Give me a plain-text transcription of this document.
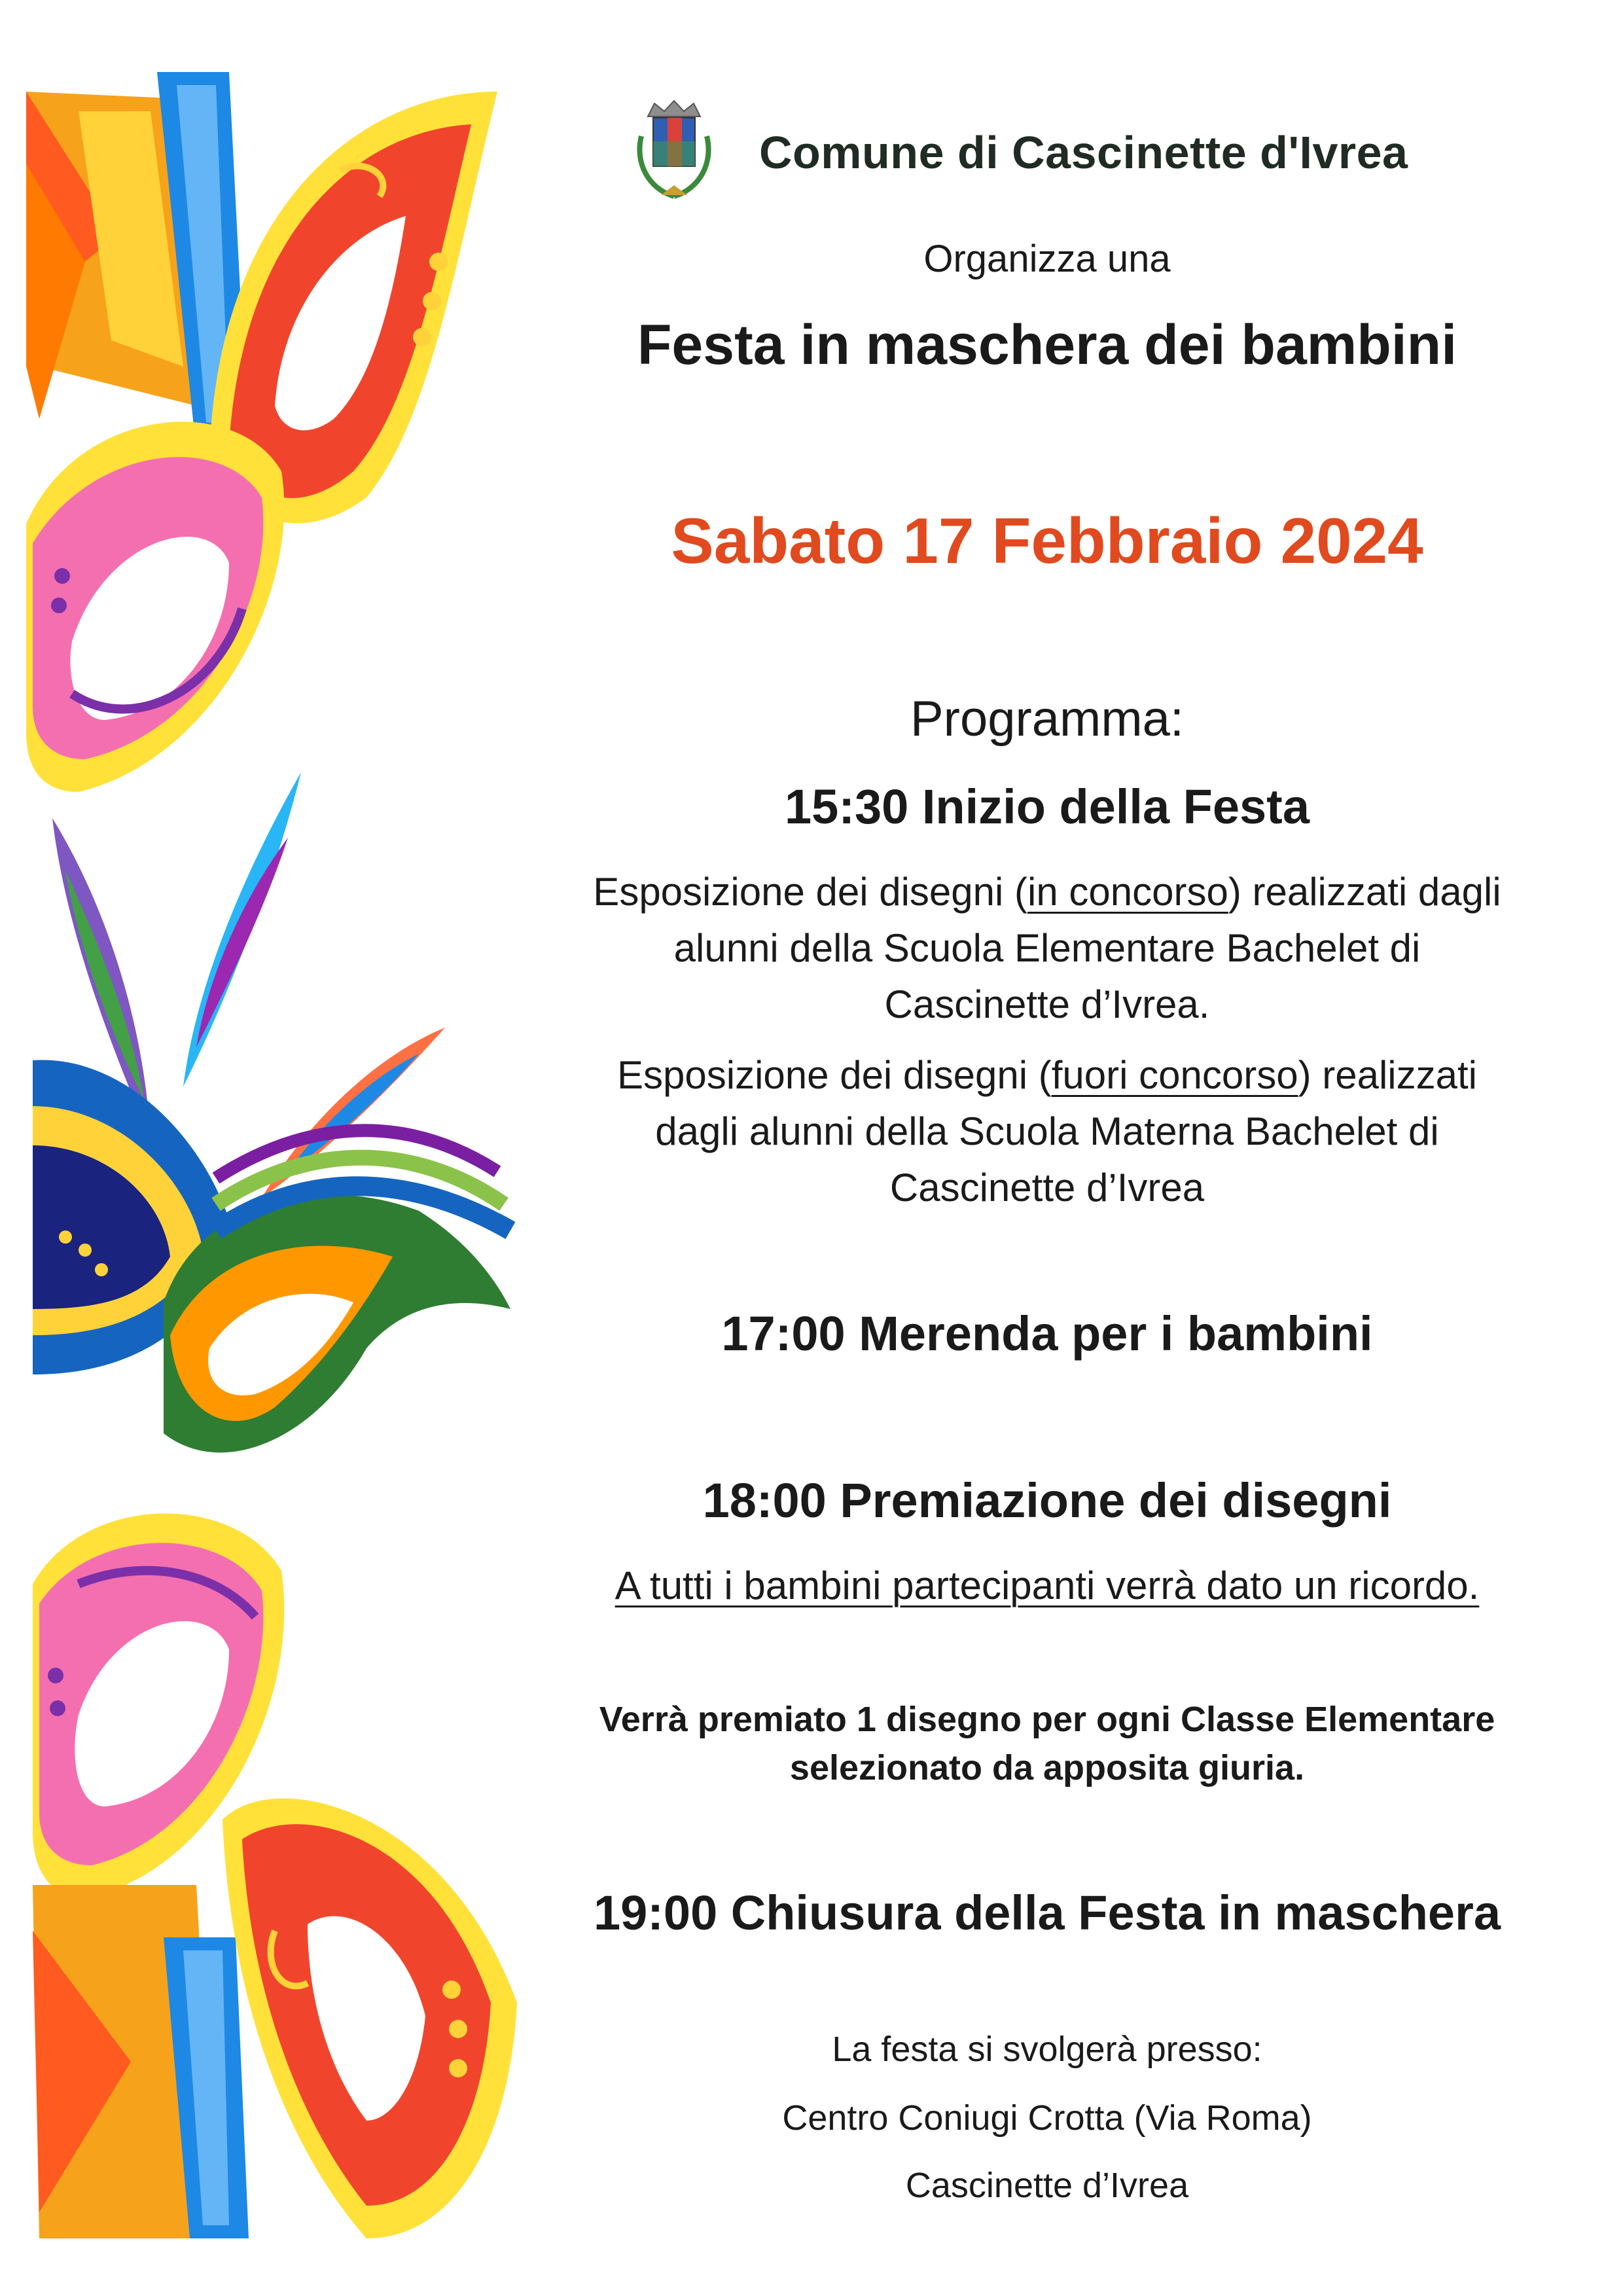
Comune di Cascinette d'Ivrea
Organizza una
Festa in maschera dei bambini
Sabato 17 Febbraio 2024
Programma:
15:30 Inizio della Festa
Esposizione dei disegni (in concorso) realizzati dagli
alunni della Scuola Elementare Bachelet di
Cascinette d’Ivrea.
Esposizione dei disegni (fuori concorso) realizzati
dagli alunni della Scuola Materna Bachelet di
Cascinette d’Ivrea
17:00 Merenda per i bambini
18:00 Premiazione dei disegni
A tutti i bambini partecipanti verrà dato un ricordo.
Verrà premiato 1 disegno per ogni Classe Elementare
selezionato da apposita giuria.
19:00 Chiusura della Festa in maschera
La festa si svolgerà presso:
Centro Coniugi Crotta (Via Roma)
Cascinette d’Ivrea
